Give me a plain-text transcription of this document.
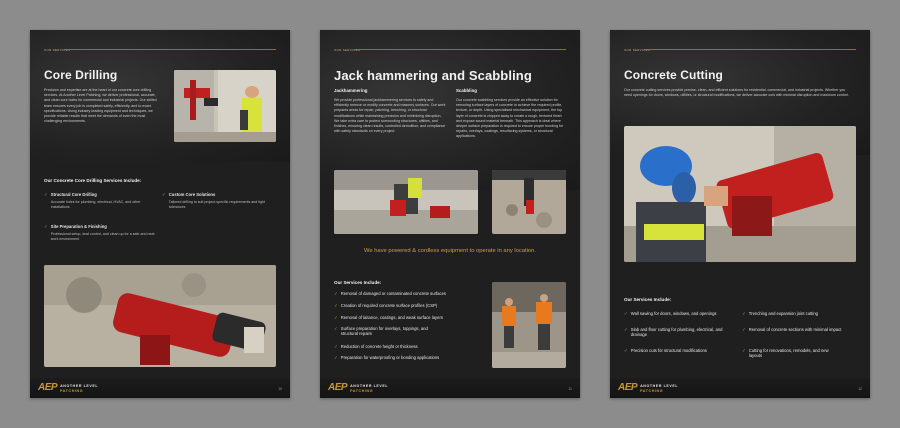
OUR SERVICES
Core Drilling
Precision and expertise are at the heart of our concrete core drilling services. At Another Level Patching, we deliver professional, accurate, and clean core holes for commercial and industrial projects. Our skilled team ensures every job is completed safely, efficiently, and to exact specifications. Using industry-leading equipment and techniques, we provide reliable results that meet the demands of even the most challenging environments.
Our Concrete Core Drilling Services Include:
✓ Structural Core Drilling
Accurate holes for plumbing, electrical, HVAC, and other installations
✓ Custom Core Solutions
Tailored drilling to suit project-specific requirements and tight tolerances
✓ Site Preparation & Finishing
Professional setup, dust control, and clean up for a safe and neat work environment
AEP ANOTHER LEVEL
PATCHING	10
OUR SERVICES
Jack hammering and Scabbling
Jackhammering
We provide professional jackhammering services to safely and efficiently remove or modify concrete and masonry surfaces. Our work prepares areas for repair, patching, trenching, or structural modifications while maintaining precision and minimizing disruption. We take extra care to protect surrounding structures, utilities, and finishes, ensuring clean results, controlled demolition, and compliance with safety standards on every project.
Scabbling
Our concrete scabbling services provide an effective solution for removing surface layers of concrete to achieve the required profile, texture, or depth. Using specialised mechanical equipment, the top layer of concrete is chipped away to create a rough, textured finish and expose sound material beneath. This approach is ideal where deeper surface preparation is required to ensure proper bonding for repairs, overlays, coatings, resurfacing systems, or structural applications.
We have powered & cordless equipment to operate in any location.
Our Services Include:
✓ Removal of damaged or contaminated concrete surfaces
✓ Creation of required concrete surface profiles (CSP)
✓ Removal of laitance, coatings, and weak surface layers
✓ Surface preparation for overlays, toppings, and structural repairs
✓ Reduction of concrete height or thickness
✓ Preparation for waterproofing or bonding applications
AEP ANOTHER LEVEL
PATCHING	11
OUR SERVICES
Concrete Cutting
Our concrete cutting services provide precise, clean, and efficient solutions for residential, commercial, and industrial projects. Whether you need openings for doors, windows, utilities, or structural modifications, we deliver accurate cuts with minimal disruption and maximum control.
Our Services Include:
✓ Wall sawing for doors, windows, and openings	✓ Trenching and expansion joint cutting
✓ Slab and floor cutting for plumbing, electrical, and drainage
✓ Removal of concrete sections with minimal impact
✓ Precision cuts for structural modifications	✓ Cutting for renovations, remodels, and new layouts
AEP ANOTHER LEVEL
PATCHING	12
